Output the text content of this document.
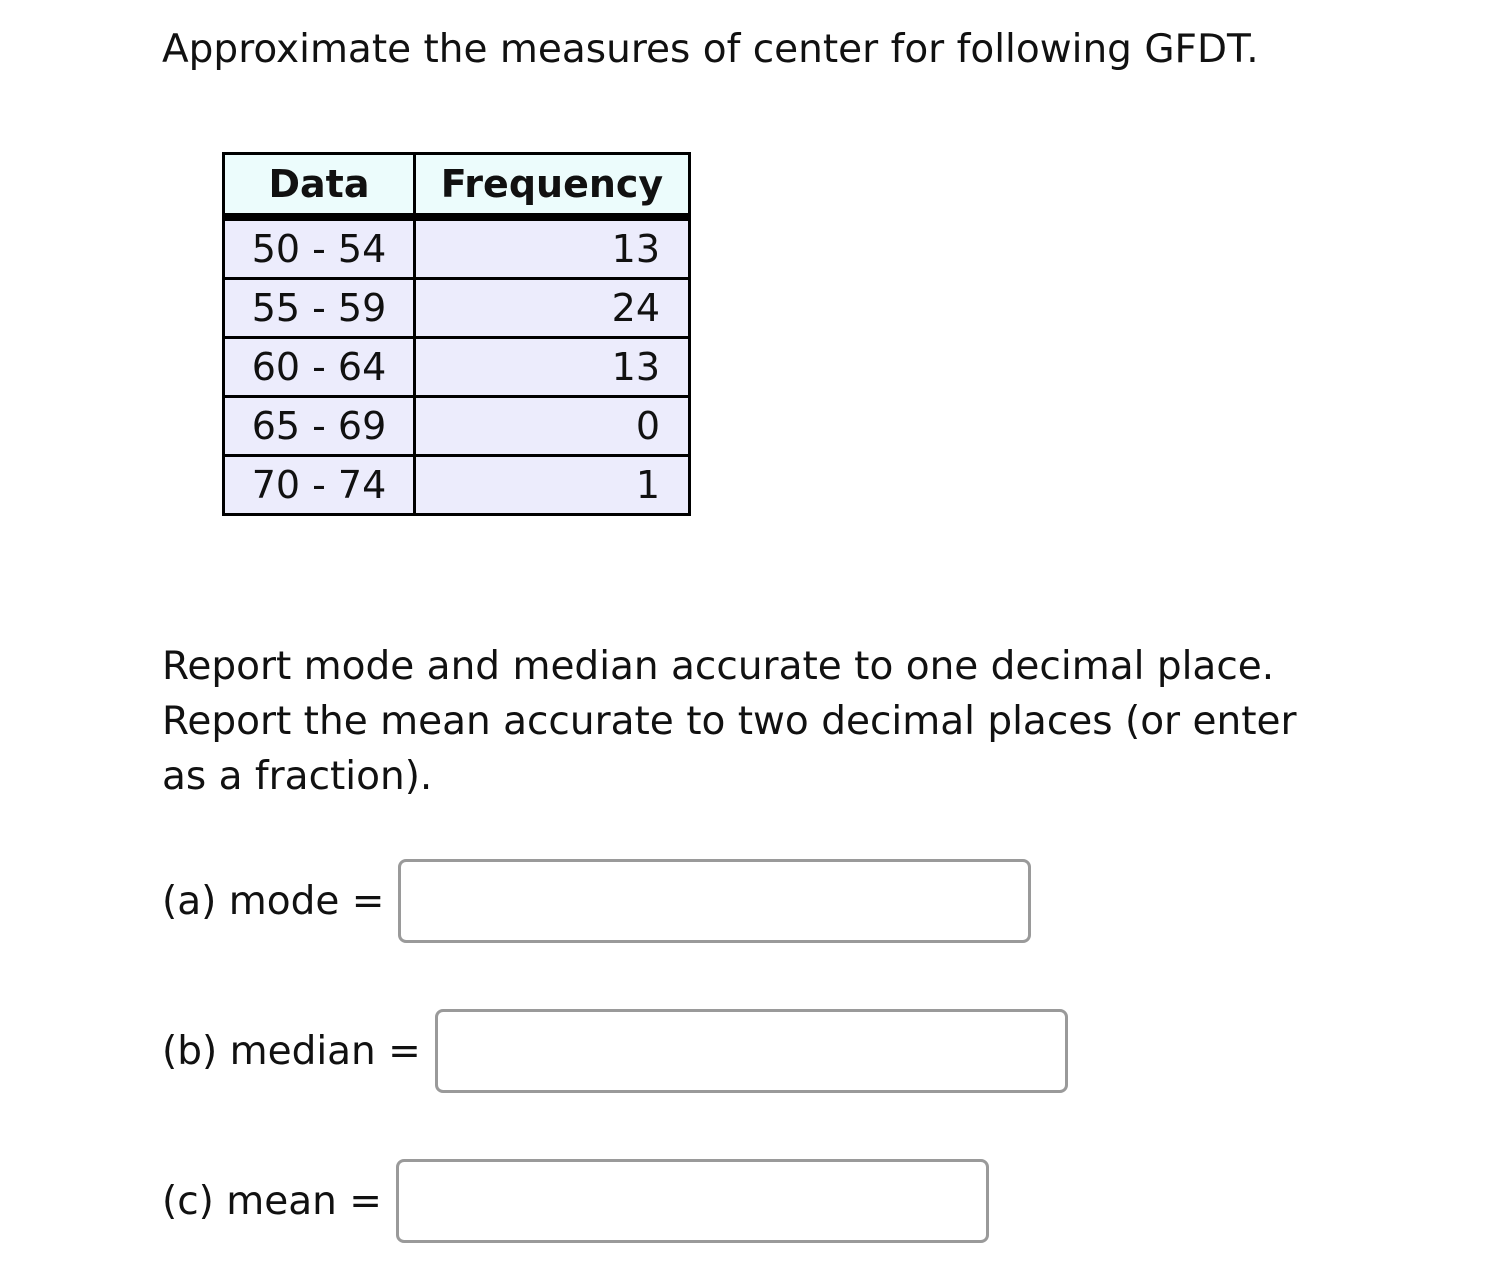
Approximate the measures of center for following GFDT.
Data	Frequency
50 - 54	13
55 - 59	24
60 - 64	13
65 - 69	0
70 - 74	1
Report mode and median accurate to one decimal place.
Report the mean accurate to two decimal places (or enter
as a fraction).
(a) mode =
(b) median =
(c) mean =
